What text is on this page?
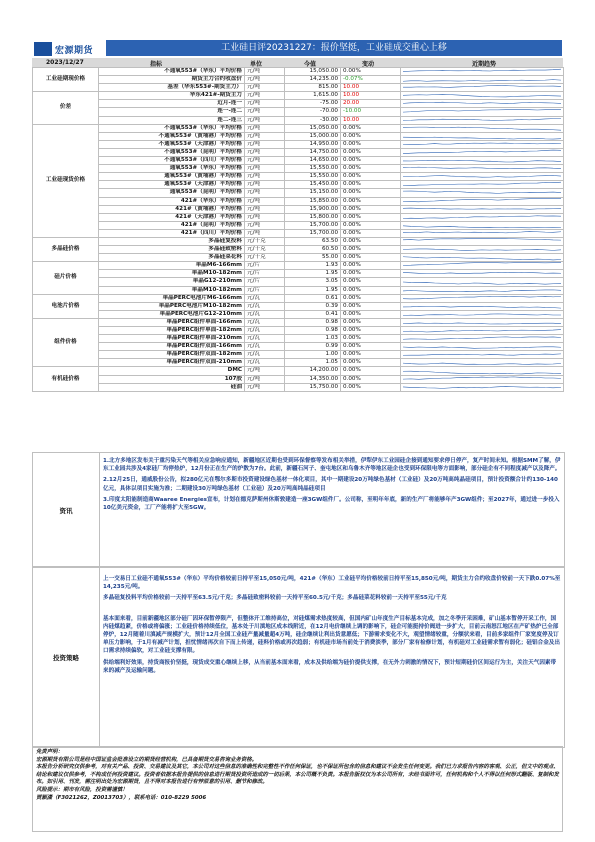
宏源期货	工业硅日评20231227：报价坚挺，工业硅成交重心上移
2023/12/27	指标	单位	今值	变动	近期趋势
工业硅期现价格	不通氧553#（华东）平均价格	元/吨	15,050.00	0.00%	

	期货主力合约收盘价	元/吨	14,235.00	-0.07%	

	基差（华东553#-期货主力）	元/吨	815.00	10.00	

价差	华东421#-期货主力	元/吨	1,615.00	10.00	

	近月-连一	元/吨	-75.00	20.00	

	连一-连二	元/吨	-70.00	-10.00	

	连二-连三	元/吨	-30.00	10.00	

工业硅现货价格	不通氧553#（华东）平均价格	元/吨	15,050.00	0.00%	

	不通氧553#（黄埔港）平均价格	元/吨	15,000.00	0.00%	

	不通氧553#（天津港）平均价格	元/吨	14,950.00	0.00%	

	不通氧553#（昆明）平均价格	元/吨	14,750.00	0.00%	

	不通氧553#（四川）平均价格	元/吨	14,650.00	0.00%	

	通氧553#（华东）平均价格	元/吨	15,550.00	0.00%	

	通氧553#（黄埔港）平均价格	元/吨	15,550.00	0.00%	

	通氧553#（天津港）平均价格	元/吨	15,450.00	0.00%	

	通氧553#（昆明）平均价格	元/吨	15,150.00	0.00%	

	421#（华东）平均价格	元/吨	15,850.00	0.00%	

	421#（黄埔港）平均价格	元/吨	15,900.00	0.00%	

	421#（天津港）平均价格	元/吨	15,800.00	0.00%	

	421#（昆明）平均价格	元/吨	15,700.00	0.00%	

	421#（四川）平均价格	元/吨	15,700.00	0.00%	

多晶硅价格	多晶硅复投料	元/千克	63.50	0.00%	

	多晶硅致密料	元/千克	60.50	0.00%	

	多晶硅菜花料	元/千克	55.00	0.00%	

硅片价格	单晶M6-166mm	元/片	1.93	0.00%	

	单晶M10-182mm	元/片	1.95	0.00%	

	单晶G12-210mm	元/片	3.05	0.00%	

	单晶M10-182mm	元/片	1.95	0.00%	

电池片价格	单晶PERC电池片M6-166mm	元/瓦	0.61	0.00%	

	单晶PERC电池片M10-182mm	元/瓦	0.39	0.00%	

	单晶PERC电池片G12-210mm	元/瓦	0.41	0.00%	

组件价格	单晶PERC组件单面-166mm	元/瓦	0.98	0.00%	

	单晶PERC组件单面-182mm	元/瓦	0.98	0.00%	

	单晶PERC组件单面-210mm	元/瓦	1.03	0.00%	

	单晶PERC组件双面-166mm	元/瓦	0.99	0.00%	

	单晶PERC组件双面-182mm	元/瓦	1.00	0.00%	

	单晶PERC组件双面-210mm	元/瓦	1.05	0.00%	

有机硅价格	DMC	元/吨	14,200.00	0.00%	

	107胶	元/吨	14,350.00	0.00%	

	硅油	元/吨	15,750.00	0.00%	
资讯

1.北方多地区发布关于重污染天气等相关应急响应通知，新疆地区近期也受到环保督察等发布相关举措，伊犁伊东工业园硅企接到通知要求停日停产，复产时间未知。根据SMM了解，伊东工业园共涉及4家硅厂均停热炉，12月份正在生产的炉数为7台。此前，新疆石河子、奎屯地区和乌鲁木齐等地区硅企也受到环保限电等方面影响，部分硅企有不同程度减产以及降产。

2.12月25日，通威股份公告，拟280亿元在鄂尔多斯市投资建设绿色基材一体化项目，其中一期建设20万吨绿色基材（工业硅）及20万吨高纯晶硅项目，预计投资额合计约130-140亿元，具体以项目实施为准；二期建设30万吨绿色基材（工业硅）及20万吨高纯晶硅项目

3.印度太阳能制造商Waaree Energies宣布，计划在德克萨斯州休斯敦建造一座3GW组件厂。公司称，至明年年底，新的生产厂将能够年产3GW组件；至2027年，通过进一步投入10亿美元资金，工厂产能将扩大至5GW。

投资策略

上一交易日工业硅不通氧553#（华东）平均价格较前日持平至15,050元/吨，421#（华东）工业硅平均价格较前日持平至15,850元/吨，期货主力合约收盘价较前一天下跌0.07%至14,235元/吨。

多晶硅复投料平均价格较前一天持平至63.5元/千克；多晶硅致密料较前一天持平至60.5元/千克；多晶硅菜花料较前一天持平至55元/千克

基本面来看，目前新疆地区部分硅厂因环保暂停限产，但整体开工维持高位，对硅煤需求热度较高，但国内矿山年度生产目标基本完成，加之冬季开采困难，矿山基本暂停开采工作，国内硅煤趋紧，价格或将偏涨；工业硅价格持续低位，基本处于川滇地区成本线附近，在12月电价继续上调的影响下，硅企可能挺持价阀进一步扩大，目前云南怒江地区在产矿热炉已全部停炉，12月随着川滇减产规模扩大，预计12月全国工业硅产量减量超4万吨，硅企继续让利出货意愿低；下游需求变化不大，观望情绪较重，分额状来看，目前多家组件厂家宽度停及订单压力影响，于1月有减产计划，担忧情绪再次自下而上传递，硅料价格或再次趋弱；有机硅市场当前处于消费淡季，部分厂家有检修计划，有机硅对工业硅需求暂有弱化；硅铝合金及出口需求持续偏软，对工业硅支撑有限。

供给端利好效果，持货商报价坚挺，现货成交重心继续上移，从当前基本面来看，成本及供给端为硅价提供支撑，在无外力刺激的情况下，预计短期硅价区间运行为主，关注天气因素带来的减产及运输问题。

免责声明：

宏源期货有限公司是经中国证监会批准设立的期货经营机构，已具备期货交易咨询业务资格。

本报告分析研究仅供参考，对有关产品、投资、交易建议及其它，本公司对这些信息的准确性和完整性不作任何保证，也不保证所包含的信息和建议不会发生任何变更。我们已力求报告内容的客观、公正，但文中的观点、结论和建议仅供参考，不构成任何投资建议。投资者依据本报告提供的信息进行期货投资所造成的一切后果，本公司概不负责。本报告版权仅为本公司所有，未经书面许可，任何机构和个人不得以任何形式翻版、复制和发布。如引用、刊发，需注明出处为宏源期货，且不得对本报告进行有悖原意的引用、删节和修改。

风险提示：期市有风险，投资需谨慎！

贾颖潇（F3021262，Z0013703），联系电话：010-8229 5006
